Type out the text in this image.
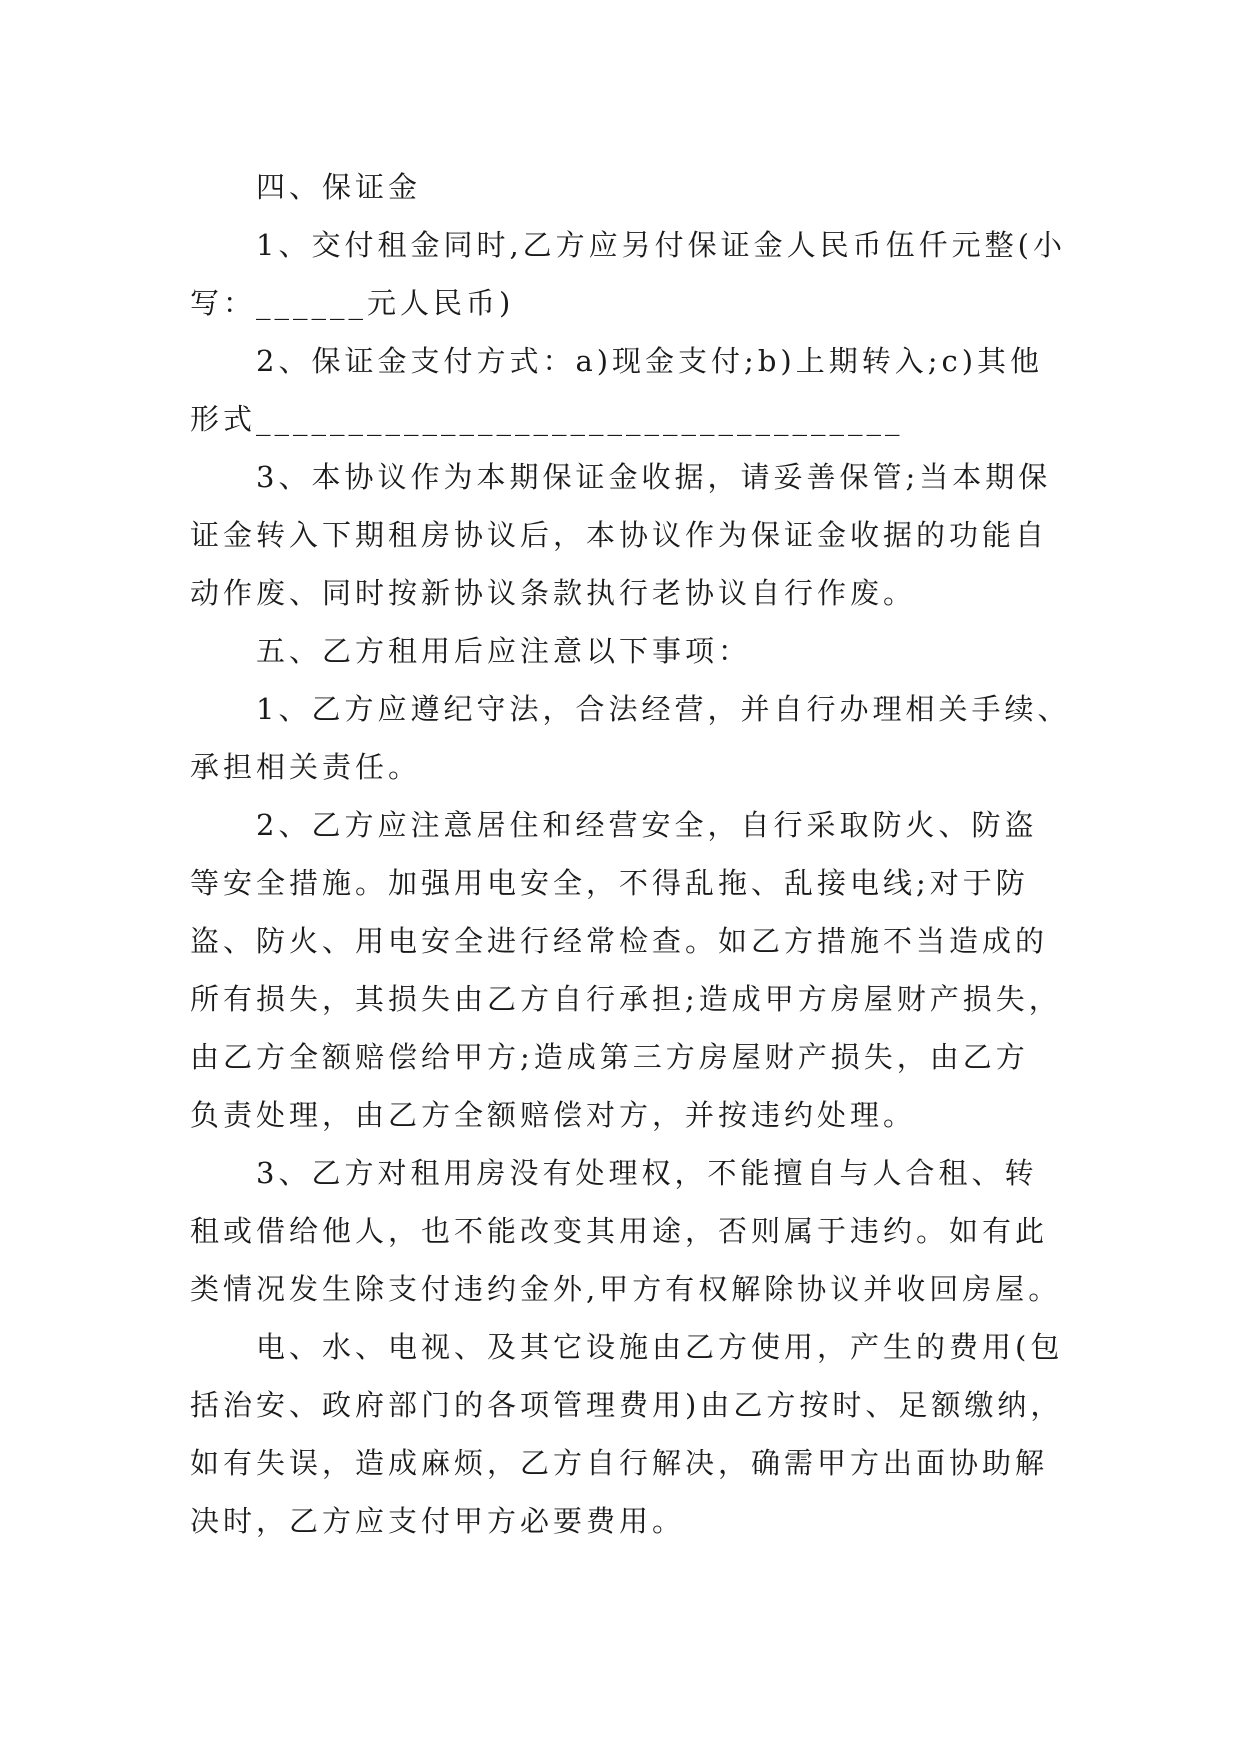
四、保证金

1、交付租金同时,乙方应另付保证金人民币伍仟元整(小
写：______元人民币)

2、保证金支付方式：a)现金支付;b)上期转入;c)其他
形式___________________________________

3、本协议作为本期保证金收据，请妥善保管;当本期保
证金转入下期租房协议后，本协议作为保证金收据的功能自
动作废、同时按新协议条款执行老协议自行作废。

五、乙方租用后应注意以下事项：

1、乙方应遵纪守法，合法经营，并自行办理相关手续、
承担相关责任。

2、乙方应注意居住和经营安全，自行采取防火、防盗
等安全措施。加强用电安全，不得乱拖、乱接电线;对于防
盗、防火、用电安全进行经常检查。如乙方措施不当造成的
所有损失，其损失由乙方自行承担;造成甲方房屋财产损失，
由乙方全额赔偿给甲方;造成第三方房屋财产损失，由乙方
负责处理，由乙方全额赔偿对方，并按违约处理。

3、乙方对租用房没有处理权，不能擅自与人合租、转
租或借给他人，也不能改变其用途，否则属于违约。如有此
类情况发生除支付违约金外,甲方有权解除协议并收回房屋。

电、水、电视、及其它设施由乙方使用，产生的费用(包
括治安、政府部门的各项管理费用)由乙方按时、足额缴纳，
如有失误，造成麻烦，乙方自行解决，确需甲方出面协助解
决时，乙方应支付甲方必要费用。
